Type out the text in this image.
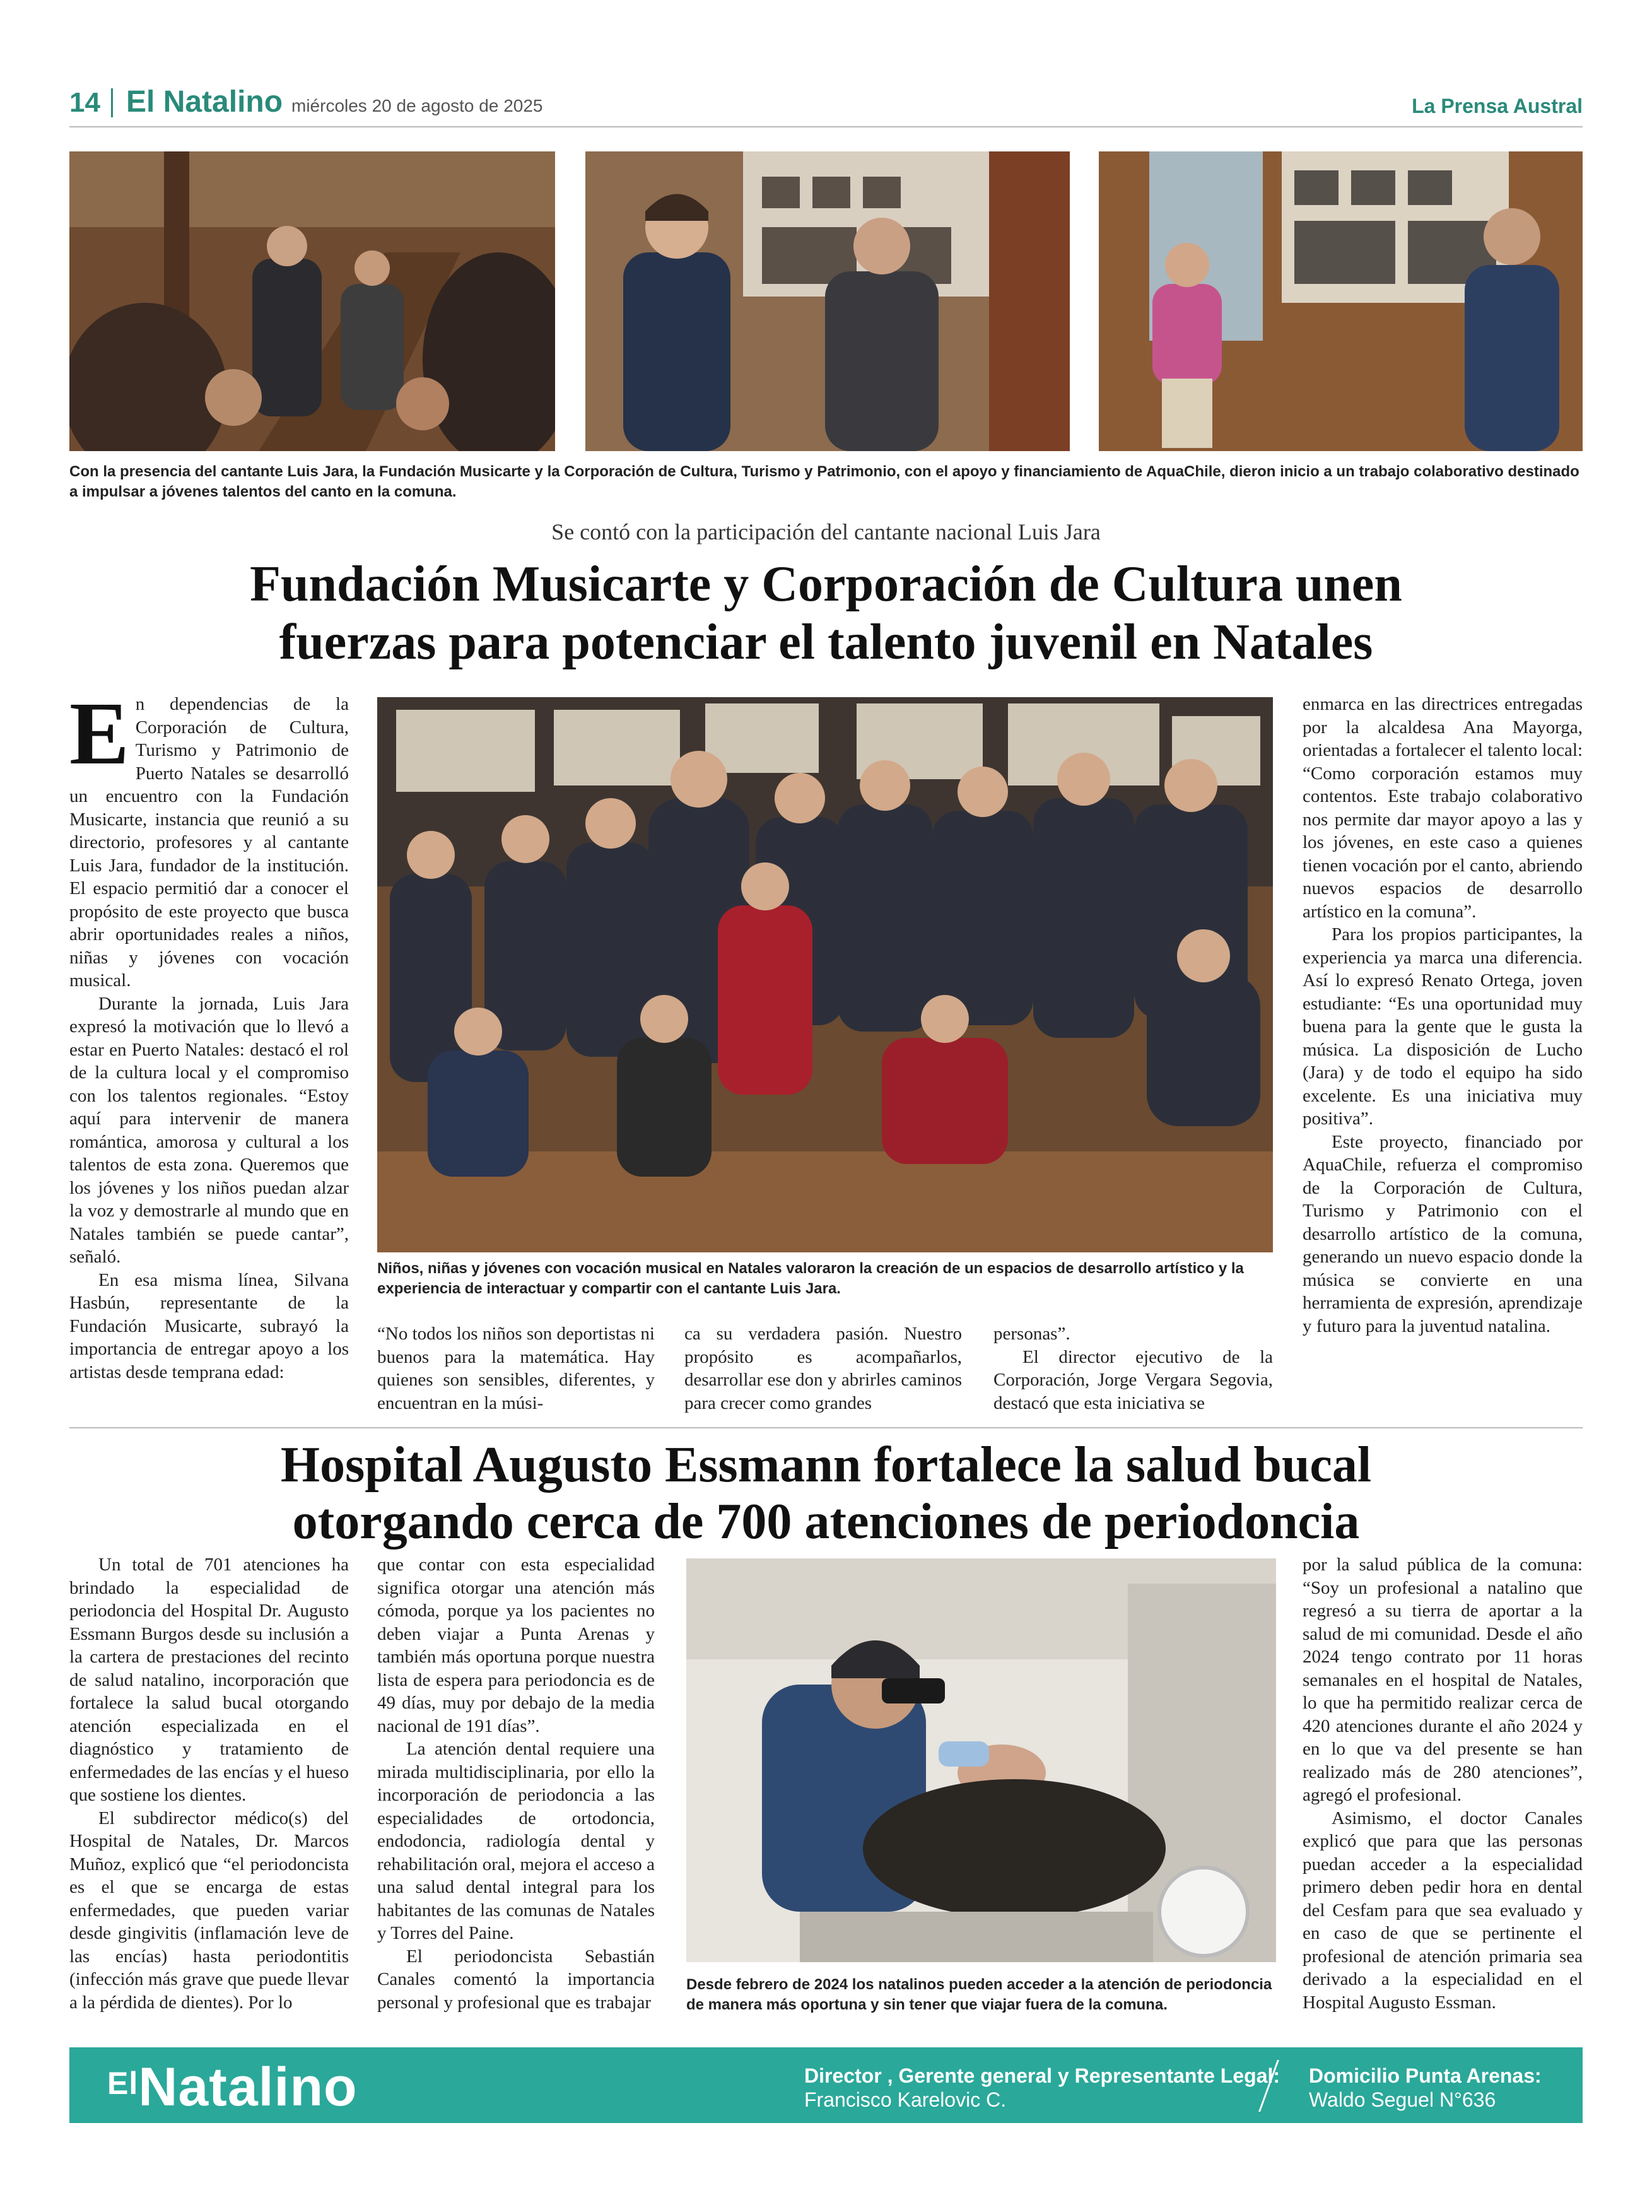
14 El Natalino miércoles 20 de agosto de 2025	La Prensa Austral
Con la presencia del cantante Luis Jara, la Fundación Musicarte y la Corporación de Cultura, Turismo y Patrimonio, con el apoyo y financiamiento de AquaChile, dieron inicio a un trabajo colaborativo destinado a impulsar a jóvenes talentos del canto en la comuna.
Se contó con la participación del cantante nacional Luis Jara
Fundación Musicarte y Corporación de Cultura unen
fuerzas para potenciar el talento juvenil en Natales
E n dependencias de la Corporación de Cultura, Turismo y Patrimonio de Puerto Natales se desarrolló un encuentro con la Fundación Musicarte, instancia que reunió a su directorio, profesores y al cantante Luis Jara, fundador de la institución. El espacio permitió dar a conocer el propósito de este proyecto que busca abrir oportunidades reales a niños, niñas y jóvenes con vocación musical.

Durante la jornada, Luis Jara expresó la motivación que lo llevó a estar en Puerto Natales: destacó el rol de la cultura local y el compromiso con los talentos regionales. “Estoy aquí para intervenir de manera romántica, amorosa y cultural a los talentos de esta zona. Queremos que los jóvenes y los niños puedan alzar la voz y demostrarle al mundo que en Natales también se puede cantar”, señaló.

En esa misma línea, Silvana Hasbún, representante de la Fundación Musicarte, subrayó la importancia de entregar apoyo a los artistas desde temprana edad:

Niños, niñas y jóvenes con vocación musical en Natales valoraron la creación de un espacios de desarrollo artístico y la experiencia de interactuar y compartir con el cantante Luis Jara.

“No todos los niños son deportistas ni buenos para la matemática. Hay quienes son sensibles, diferentes, y encuentran en la músi-

ca su verdadera pasión. Nuestro propósito es acompañarlos, desarrollar ese don y abrirles caminos para crecer como grandes

personas”.

El director ejecutivo de la Corporación, Jorge Vergara Segovia, destacó que esta iniciativa se

enmarca en las directrices entregadas por la alcaldesa Ana Mayorga, orientadas a fortalecer el talento local: “Como corporación estamos muy contentos. Este trabajo colaborativo nos permite dar mayor apoyo a las y los jóvenes, en este caso a quienes tienen vocación por el canto, abriendo nuevos espacios de desarrollo artístico en la comuna”.

Para los propios participantes, la experiencia ya marca una diferencia. Así lo expresó Renato Ortega, joven estudiante: “Es una oportunidad muy buena para la gente que le gusta la música. La disposición de Lucho (Jara) y de todo el equipo ha sido excelente. Es una iniciativa muy positiva”.

Este proyecto, financiado por AquaChile, refuerza el compromiso de la Corporación de Cultura, Turismo y Patrimonio con el desarrollo artístico de la comuna, generando un nuevo espacio donde la música se convierte en una herramienta de expresión, aprendizaje y futuro para la juventud natalina.

Hospital Augusto Essmann fortalece la salud bucal
otorgando cerca de 700 atenciones de periodoncia

Un total de 701 atenciones ha brindado la especialidad de periodoncia del Hospital Dr. Augusto Essmann Burgos desde su inclusión a la cartera de prestaciones del recinto de salud natalino, incorporación que fortalece la salud bucal otorgando atención especializada en el diagnóstico y tratamiento de enfermedades de las encías y el hueso que sostiene los dientes.

El subdirector médico(s) del Hospital de Natales, Dr. Marcos Muñoz, explicó que “el periodoncista es el que se encarga de estas enfermedades, que pueden variar desde gingivitis (inflamación leve de las encías) hasta periodontitis (infección más grave que puede llevar a la pérdida de dientes). Por lo

que contar con esta especialidad significa otorgar una atención más cómoda, porque ya los pacientes no deben viajar a Punta Arenas y también más oportuna porque nuestra lista de espera para periodoncia es de 49 días, muy por debajo de la media nacional de 191 días”.

La atención dental requiere una mirada multidisciplinaria, por ello la incorporación de periodoncia a las especialidades de ortodoncia, endodoncia, radiología dental y rehabilitación oral, mejora el acceso a una salud dental integral para los habitantes de las comunas de Natales y Torres del Paine.

El periodoncista Sebastián Canales comentó la importancia personal y profesional que es trabajar

Desde febrero de 2024 los natalinos pueden acceder a la atención de periodoncia de manera más oportuna y sin tener que viajar fuera de la comuna.

por la salud pública de la comuna: “Soy un profesional a natalino que regresó a su tierra de aportar a la salud de mi comunidad. Desde el año 2024 tengo contrato por 11 horas semanales en el hospital de Natales, lo que ha permitido realizar cerca de 420 atenciones durante el año 2024 y en lo que va del presente se han realizado más de 280 atenciones”, agregó el profesional.

Asimismo, el doctor Canales explicó que para que las personas puedan acceder a la especialidad primero deben pedir hora en dental del Cesfam para que sea evaluado y en caso de que se pertinente el profesional de atención primaria sea derivado a la especialidad en el Hospital Augusto Essman.

$^{El}$Natalino	Director , Gerente general y Representante Legal:
Francisco Karelovic C.
Domicilio Punta Arenas:
Waldo Seguel N°636
